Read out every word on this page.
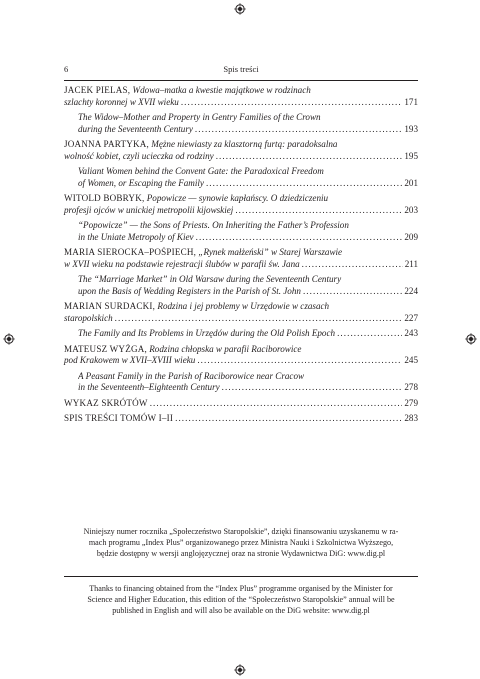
6	Spis treści
JACEK PIELAS,
Wdowa–matka a kwestie majątkowe w rodzinach
szlachty koronnej w XVII wieku . . .	171
The Widow–Mother and Property in Gentry Families of the Crown
during the Seventeenth Century . . .	193
JOANNA PARTYKA,
Mężne niewiasty za klasztorną furtą: paradoksalna
wolność kobiet, czyli ucieczka od rodziny . . .	195
Valiant Women behind the Convent Gate: the Paradoxical Freedom
of Women, or Escaping the Family . . .	201
WITOLD BOBRYK,
Popowicze — synowie kapłańscy. O dziedziczeniu
profesji ojców w unickiej metropolii kijowskiej . . .	203
“Popowicze” — the Sons of Priests. On Inheriting the Father’s Profession
in the Uniate Metropoly of Kiev . . .	209
MARIA SIEROCKA–POŚPIECH,
„Rynek małżeński” w Starej Warszawie
w XVII wieku na podstawie rejestracji ślubów w parafii św. Jana . . .	211
The “Marriage Market” in Old Warsaw during the Seventeenth Century
upon the Basis of Wedding Registers in the Parish of St. John . . .	224
MARIAN SURDACKI,
Rodzina i jej problemy w Urzędowie w czasach
staropolskich . . .	227
The Family and Its Problems in Urzędów during the Old Polish Epoch . . .	243
MATEUSZ WYŻGA,
Rodzina chłopska w parafii Raciborowice
pod Krakowem w XVII–XVIII wieku . . .	245
A Peasant Family in the Parish of Raciborowice near Cracow
in the Seventeenth–Eighteenth Century . . .	278
WYKAZ SKRÓTÓW . . .	279
SPIS TREŚCI TOMÓW I–II . . .	283
Niniejszy numer rocznika „Społeczeństwo Staropolskie”, dzięki finansowaniu uzyskanemu w ra-
mach programu „Index Plus” organizowanego przez Ministra Nauki i Szkolnictwa Wyższego,
będzie dostępny w wersji anglojęzycznej oraz na stronie Wydawnictwa DiG: www.dig.pl
Thanks to financing obtained from the “Index Plus” programme organised by the Minister for
Science and Higher Education, this edition of the “Społeczeństwo Staropolskie” annual will be
published in English and will also be available on the DiG website: www.dig.pl
